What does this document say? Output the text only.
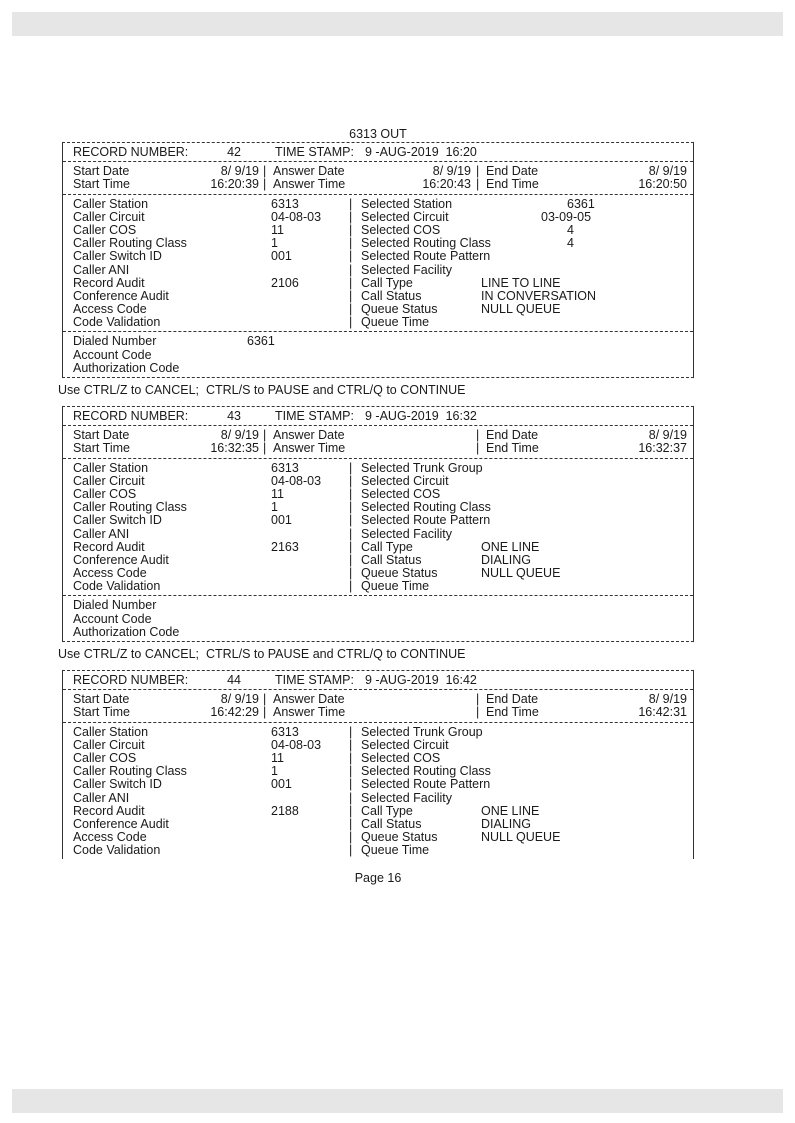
6313 OUT
RECORD NUMBER:	42	TIME STAMP: 9 -AUG-2019  16:20
Start Date	8/ 9/19 | Answer Date	8/ 9/19 | End Date	8/ 9/19
Start Time	16:20:39 | Answer Time	16:20:43 | End Time	16:20:50
Caller Station	6313	| Selected Station	6361
Caller Circuit	04-08-03 | Selected Circuit	03-09-05
Caller COS	11	| Selected COS	4
Caller Routing Class	1	| Selected Routing Class	4
Caller Switch ID	001	| Selected Route Pattern
Caller ANI	| Selected Facility
Record Audit	2106	| Call Type	LINE TO LINE
Conference Audit	| Call Status	IN CONVERSATION
Access Code	| Queue Status	NULL QUEUE
Code Validation	| Queue Time
Dialed Number	6361
Account Code
Authorization Code
Use CTRL/Z to CANCEL;  CTRL/S to PAUSE and CTRL/Q to CONTINUE
RECORD NUMBER:	43	TIME STAMP: 9 -AUG-2019  16:32
Start Date	8/ 9/19 | Answer Date	| End Date	8/ 9/19
Start Time	16:32:35 | Answer Time	| End Time	16:32:37
Caller Station	6313	| Selected Trunk Group
Caller Circuit	04-08-03 | Selected Circuit
Caller COS	11	| Selected COS
Caller Routing Class	1	| Selected Routing Class
Caller Switch ID	001	| Selected Route Pattern
Caller ANI	| Selected Facility
Record Audit	2163	| Call Type	ONE LINE
Conference Audit	| Call Status	DIALING
Access Code	| Queue Status	NULL QUEUE
Code Validation	| Queue Time
Dialed Number
Account Code
Authorization Code
Use CTRL/Z to CANCEL;  CTRL/S to PAUSE and CTRL/Q to CONTINUE
RECORD NUMBER:	44	TIME STAMP: 9 -AUG-2019  16:42
Start Date	8/ 9/19 | Answer Date	| End Date	8/ 9/19
Start Time	16:42:29 | Answer Time	| End Time	16:42:31
Caller Station	6313	| Selected Trunk Group
Caller Circuit	04-08-03 | Selected Circuit
Caller COS	11	| Selected COS
Caller Routing Class	1	| Selected Routing Class
Caller Switch ID	001	| Selected Route Pattern
Caller ANI	| Selected Facility
Record Audit	2188	| Call Type	ONE LINE
Conference Audit	| Call Status	DIALING
Access Code	| Queue Status	NULL QUEUE
Code Validation	| Queue Time
Page 16
